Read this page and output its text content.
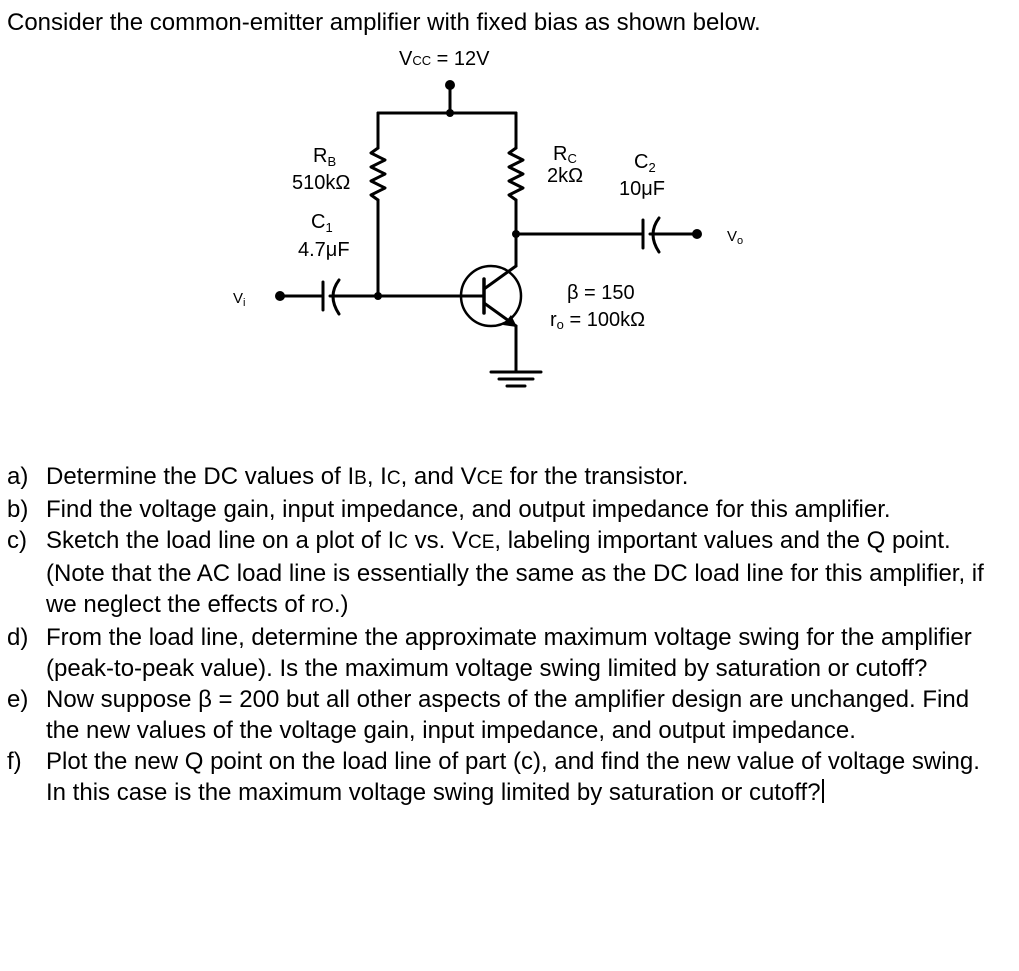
Consider the common-emitter amplifier with fixed bias as shown below.

VCC = 12V
$R_B$
510kΩ
$C_1$
4.7μF
RC
2kΩ
$C_2$
10μF
$V_o$
$V_i$	β = 150
ro = 100kΩ
a) Determine the DC values of IB, IC, and VCE for the transistor.
b) Find the voltage gain, input impedance, and output impedance for this amplifier.
c) Sketch the load line on a plot of IC vs. VCE, labeling important values and the Q point. (Note that the AC load line is essentially the same as the DC load line for this amplifier, if we neglect the effects of rO.)
d) From the load line, determine the approximate maximum voltage swing for the amplifier (peak-to-peak value). Is the maximum voltage swing limited by saturation or cutoff?
e) Now suppose β = 200 but all other aspects of the amplifier design are unchanged. Find the new values of the voltage gain, input impedance, and output impedance.
f) Plot the new Q point on the load line of part (c), and find the new value of voltage swing. In this case is the maximum voltage swing limited by saturation or cutoff?
